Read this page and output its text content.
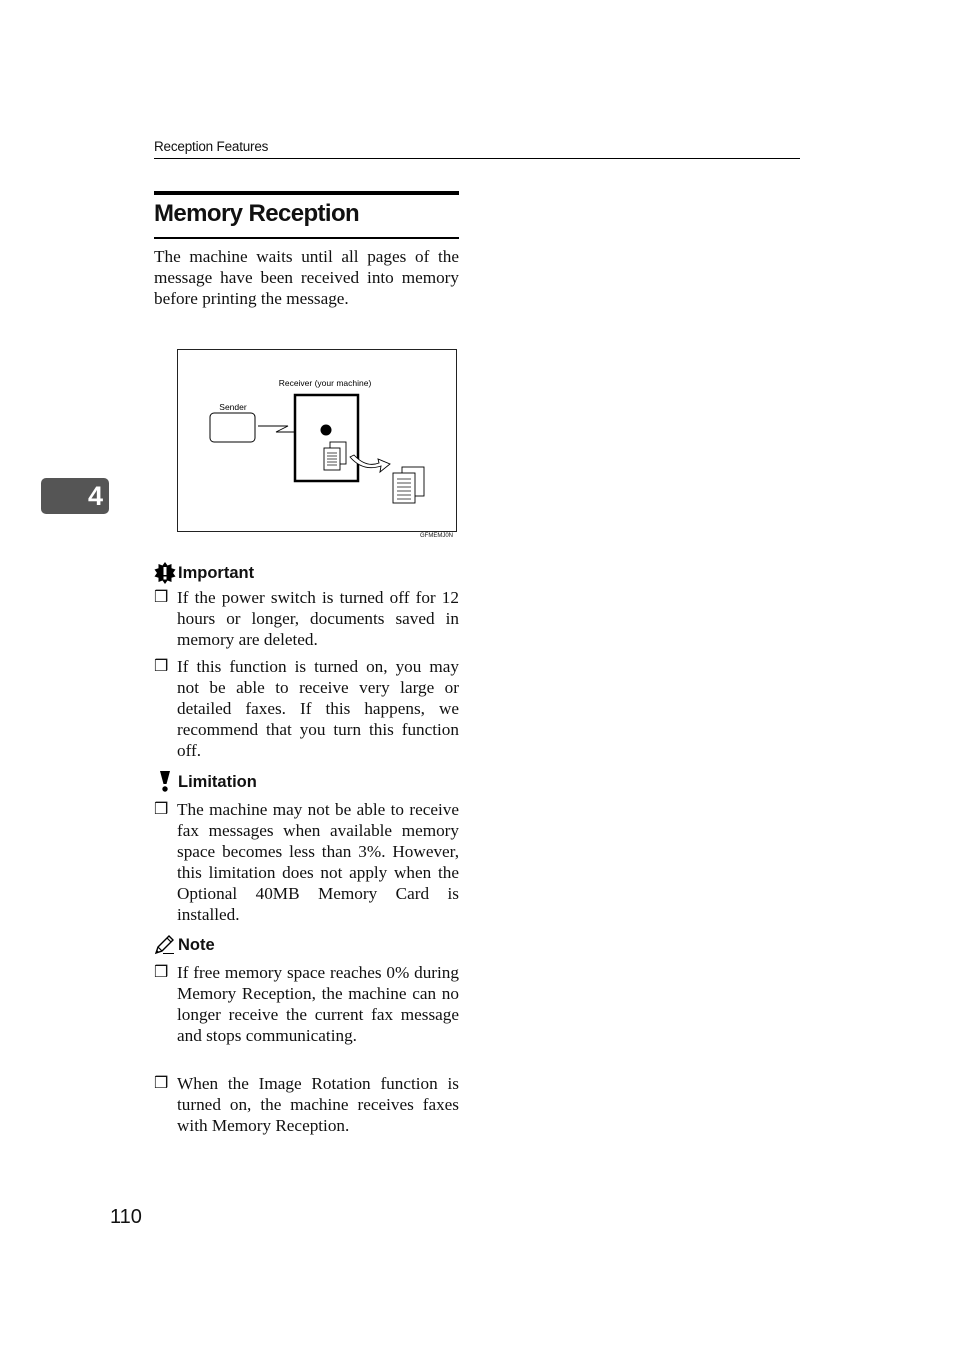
Reception Features
Memory Reception
The machine waits until all pages of the message have been received into memory before printing the message.
Receiver (your machine)
Sender
GFMEMJ0N
4
Important
❒ If the power switch is turned off for 12 hours or longer, documents saved in memory are deleted.
❒ If this function is turned on, you may not be able to receive very large or detailed faxes. If this happens, we recommend that you turn this function off.
Limitation
❒ The machine may not be able to receive fax messages when available memory space becomes less than 3%. However, this limitation does not apply when the Optional 40MB Memory Card is installed.
Note
❒ If free memory space reaches 0% during Memory Reception, the machine can no longer receive the current fax message and stops communicating.
❒ When the Image Rotation function is turned on, the machine receives faxes with Memory Reception.
110
